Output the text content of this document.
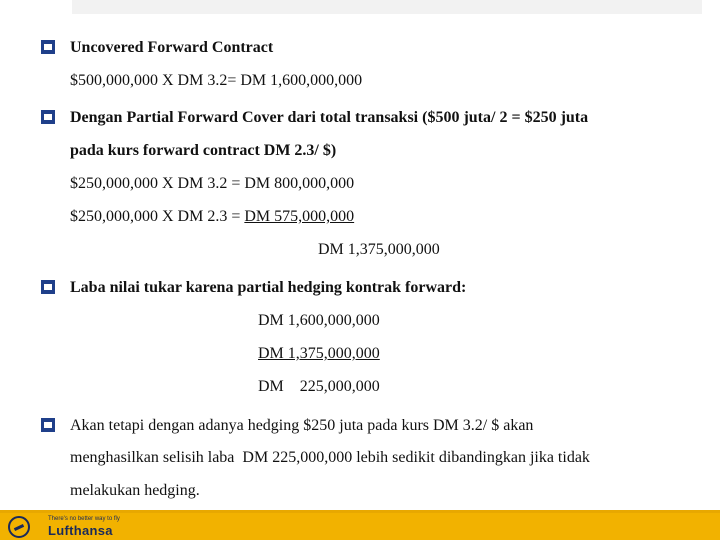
Uncovered Forward Contract
$500,000,000 X DM 3.2= DM 1,600,000,000
Dengan Partial Forward Cover dari total transaksi ($500 juta/ 2 = $250 juta
pada kurs forward contract DM 2.3/ $)
$250,000,000 X DM 3.2 = DM 800,000,000
$250,000,000 X DM 2.3 = DM 575,000,000
DM 1,375,000,000
Laba nilai tukar karena partial hedging kontrak forward:
DM 1,600,000,000
DM 1,375,000,000
DM    225,000,000
Akan tetapi dengan adanya hedging $250 juta pada kurs DM 3.2/ $ akan
menghasilkan selisih laba  DM 225,000,000 lebih sedikit dibandingkan jika tidak
melakukan hedging.
There's no better way to fly
Lufthansa
